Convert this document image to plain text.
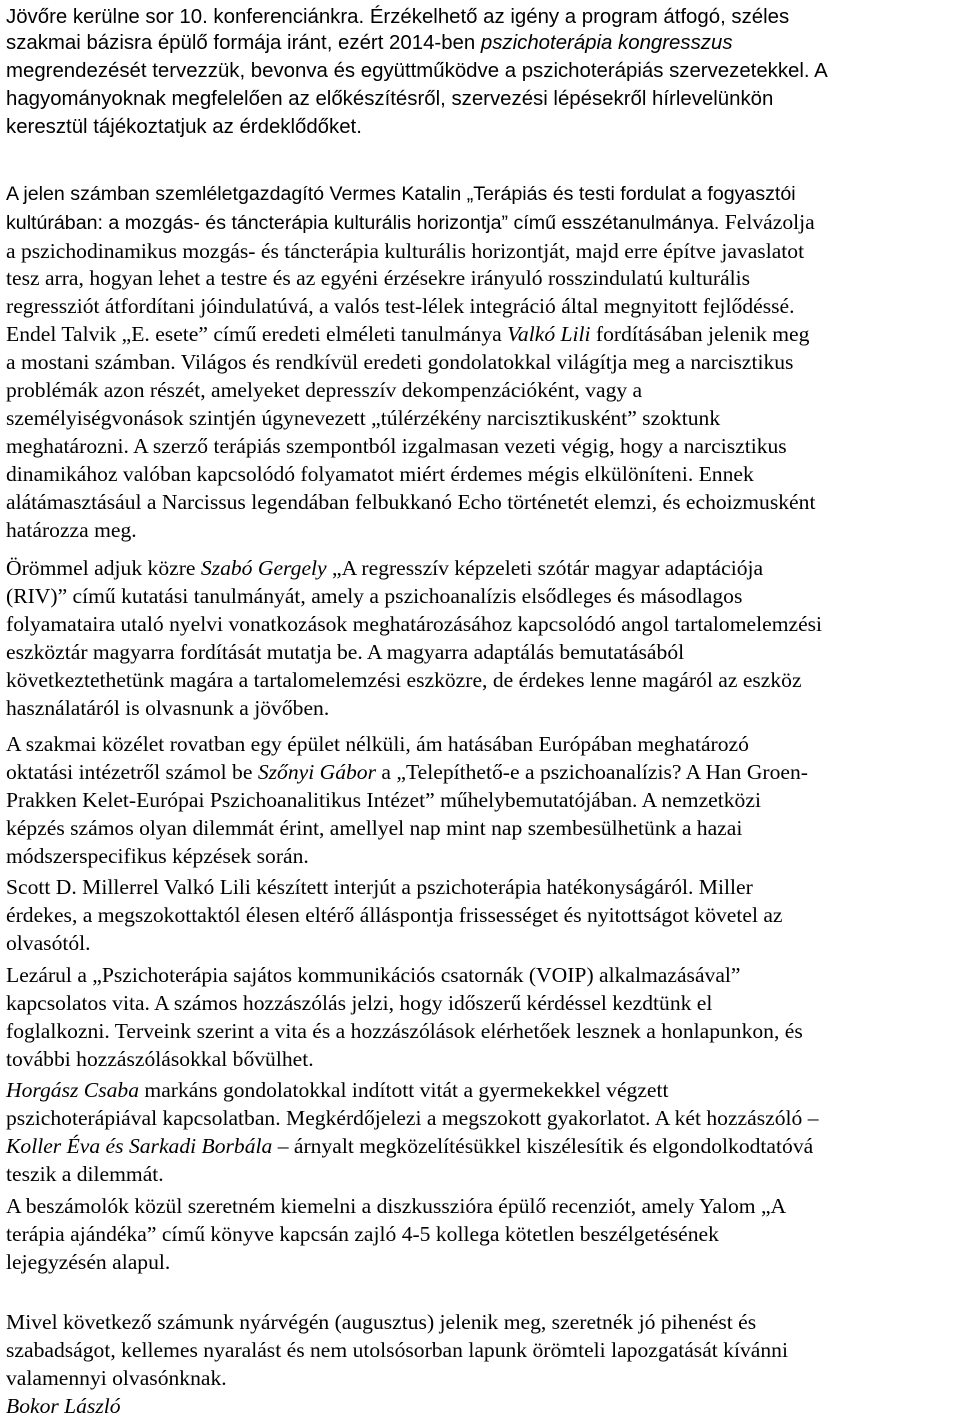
Jövőre kerülne sor 10. konferenciánkra. Érzékelhető az igény a program átfogó, széles
szakmai bázisra épülő formája iránt, ezért 2014-ben pszichoterápia kongresszus
megrendezését tervezzük, bevonva és együttműködve a pszichoterápiás szervezetekkel. A
hagyományoknak megfelelően az előkészítésről, szervezési lépésekről hírlevelünkön
keresztül tájékoztatjuk az érdeklődőket.
A jelen számban szemléletgazdagító Vermes Katalin „Terápiás és testi fordulat a fogyasztói
kultúrában: a mozgás- és táncterápia kulturális horizontja” című esszétanulmánya. Felvázolja
a pszichodinamikus mozgás- és táncterápia kulturális horizontját, majd erre építve javaslatot
tesz arra, hogyan lehet a testre és az egyéni érzésekre irányuló rosszindulatú kulturális
regressziót átfordítani jóindulatúvá, a valós test-lélek integráció által megnyitott fejlődéssé.
Endel Talvik „E. esete” című eredeti elméleti tanulmánya Valkó Lili fordításában jelenik meg
a mostani számban. Világos és rendkívül eredeti gondolatokkal világítja meg a narcisztikus
problémák azon részét, amelyeket depresszív dekompenzációként, vagy a
személyiségvonások szintjén úgynevezett „túlérzékény narcisztikusként” szoktunk
meghatározni. A szerző terápiás szempontból izgalmasan vezeti végig, hogy a narcisztikus
dinamikához valóban kapcsolódó folyamatot miért érdemes mégis elkülöníteni. Ennek
alátámasztásául a Narcissus legendában felbukkanó Echo történetét elemzi, és echoizmusként
határozza meg.
Örömmel adjuk közre Szabó Gergely „A regresszív képzeleti szótár magyar adaptációja
(RIV)” című kutatási tanulmányát, amely a pszichoanalízis elsődleges és másodlagos
folyamataira utaló nyelvi vonatkozások meghatározásához kapcsolódó angol tartalomelemzési
eszköztár magyarra fordítását mutatja be. A magyarra adaptálás bemutatásából
következtethetünk magára a tartalomelemzési eszközre, de érdekes lenne magáról az eszköz
használatáról is olvasnunk a jövőben.
A szakmai közélet rovatban egy épület nélküli, ám hatásában Európában meghatározó
oktatási intézetről számol be Szőnyi Gábor a „Telepíthető-e a pszichoanalízis? A Han Groen-
Prakken Kelet-Európai Pszichoanalitikus Intézet” műhelybemutatójában. A nemzetközi
képzés számos olyan dilemmát érint, amellyel nap mint nap szembesülhetünk a hazai
módszerspecifikus képzések során.
Scott D. Millerrel Valkó Lili készített interjút a pszichoterápia hatékonyságáról. Miller
érdekes, a megszokottaktól élesen eltérő álláspontja frissességet és nyitottságot követel az
olvasótól.
Lezárul a „Pszichoterápia sajátos kommunikációs csatornák (VOIP) alkalmazásával”
kapcsolatos vita. A számos hozzászólás jelzi, hogy időszerű kérdéssel kezdtünk el
foglalkozni. Terveink szerint a vita és a hozzászólások elérhetőek lesznek a honlapunkon, és
további hozzászólásokkal bővülhet.
Horgász Csaba markáns gondolatokkal indított vitát a gyermekekkel végzett
pszichoterápiával kapcsolatban. Megkérdőjelezi a megszokott gyakorlatot. A két hozzászóló –
Koller Éva és Sarkadi Borbála – árnyalt megközelítésükkel kiszélesítik és elgondolkodtatóvá
teszik a dilemmát.
A beszámolók közül szeretném kiemelni a diszkusszióra épülő recenziót, amely Yalom „A
terápia ajándéka” című könyve kapcsán zajló 4-5 kollega kötetlen beszélgetésének
lejegyzésén alapul.
Mivel következő számunk nyárvégén (augusztus) jelenik meg, szeretnék jó pihenést és
szabadságot, kellemes nyaralást és nem utolsósorban lapunk örömteli lapozgatását kívánni
valamennyi olvasónknak.
Bokor László
